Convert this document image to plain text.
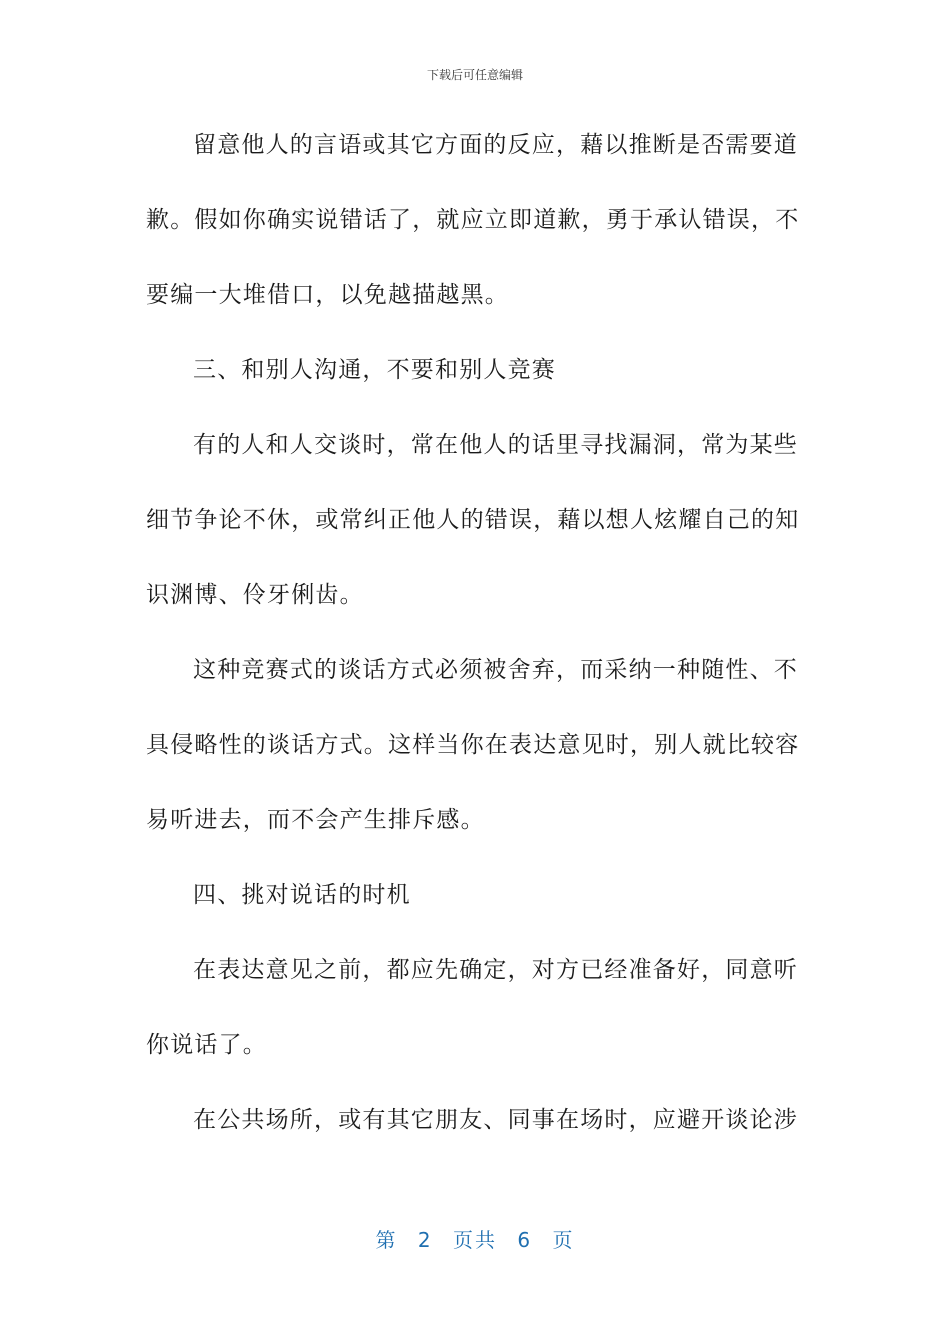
下载后可任意编辑
留意他人的言语或其它方面的反应，藉以推断是否需要道
歉。假如你确实说错话了，就应立即道歉，勇于承认错误，不
要编一大堆借口，以免越描越黑。
三、和别人沟通，不要和别人竞赛
有的人和人交谈时，常在他人的话里寻找漏洞，常为某些
细节争论不休，或常纠正他人的错误，藉以想人炫耀自己的知
识渊博、伶牙俐齿。
这种竞赛式的谈话方式必须被舍弃，而采纳一种随性、不
具侵略性的谈话方式。这样当你在表达意见时，别人就比较容
易听进去，而不会产生排斥感。
四、挑对说话的时机
在表达意见之前，都应先确定，对方已经准备好，同意听
你说话了。
在公共场所，或有其它朋友、同事在场时，应避开谈论涉
第 2 页共 6 页
